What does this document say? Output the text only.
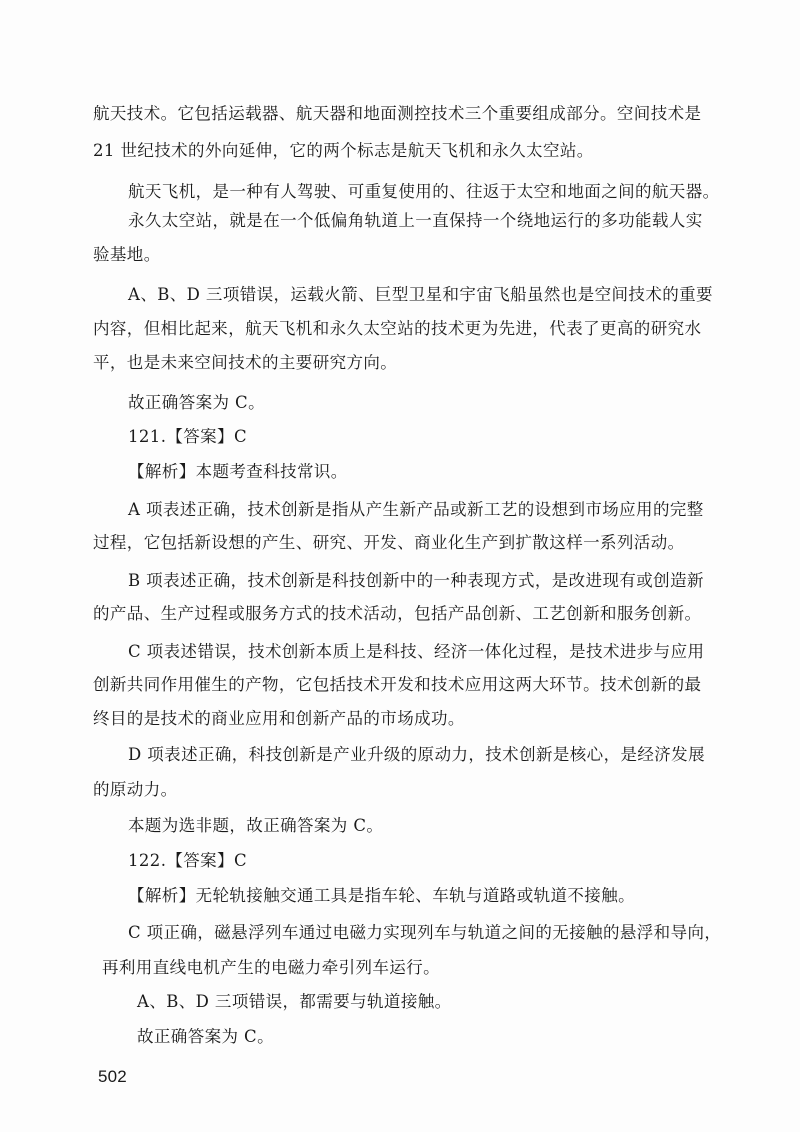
航天技术。它包括运载器、航天器和地面测控技术三个重要组成部分。空间技术是
21 世纪技术的外向延伸，它的两个标志是航天飞机和永久太空站。
航天飞机，是一种有人驾驶、可重复使用的、往返于太空和地面之间的航天器。
永久太空站，就是在一个低偏角轨道上一直保持一个绕地运行的多功能载人实
验基地。
A、B、D 三项错误，运载火箭、巨型卫星和宇宙飞船虽然也是空间技术的重要
内容，但相比起来，航天飞机和永久太空站的技术更为先进，代表了更高的研究水
平，也是未来空间技术的主要研究方向。
故正确答案为 C。
121.【答案】C
【解析】本题考查科技常识。
A 项表述正确，技术创新是指从产生新产品或新工艺的设想到市场应用的完整
过程，它包括新设想的产生、研究、开发、商业化生产到扩散这样一系列活动。
B 项表述正确，技术创新是科技创新中的一种表现方式，是改进现有或创造新
的产品、生产过程或服务方式的技术活动，包括产品创新、工艺创新和服务创新。
C 项表述错误，技术创新本质上是科技、经济一体化过程，是技术进步与应用
创新共同作用催生的产物，它包括技术开发和技术应用这两大环节。技术创新的最
终目的是技术的商业应用和创新产品的市场成功。
D 项表述正确，科技创新是产业升级的原动力，技术创新是核心，是经济发展
的原动力。
本题为选非题，故正确答案为 C。
122.【答案】C
【解析】无轮轨接触交通工具是指车轮、车轨与道路或轨道不接触。
C 项正确，磁悬浮列车通过电磁力实现列车与轨道之间的无接触的悬浮和导向，
再利用直线电机产生的电磁力牵引列车运行。
A、B、D 三项错误，都需要与轨道接触。
故正确答案为 C。
502
